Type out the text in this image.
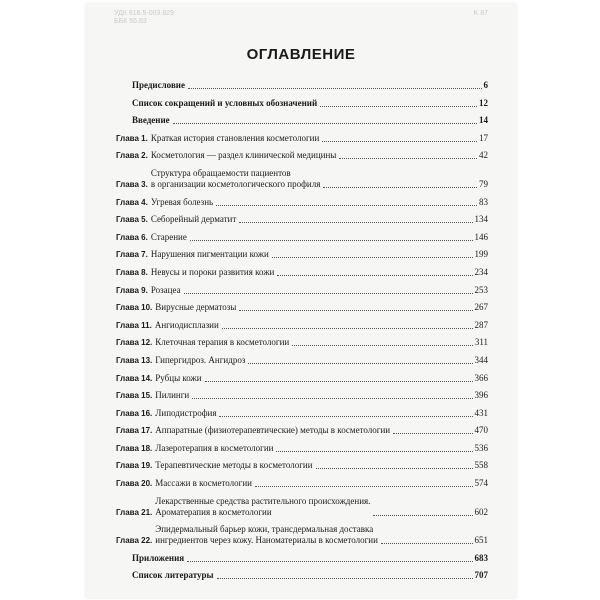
УДК 616.5-003.829
ББК 55.83
K 87
ОГЛАВЛЕНИЕ
Предисловие	6
Список сокращений и условных обозначений	12
Введение	14
Глава 1. Краткая история становления косметологии	17
Глава 2. Косметология — раздел клинической медицины	42
Глава 3.
Структура обращаемости пациентов
в организации косметологического профиля	79
Глава 4. Угревая болезнь	83
Глава 5. Себорейный дерматит	134
Глава 6. Старение	146
Глава 7. Нарушения пигментации кожи	199
Глава 8. Невусы и пороки развития кожи	234
Глава 9. Розацеа	253
Глава 10. Вирусные дерматозы	267
Глава 11. Ангиодисплазии	287
Глава 12. Клеточная терапия в косметологии	311
Глава 13. Гипергидроз. Ангидроз	344
Глава 14. Рубцы кожи	366
Глава 15. Пилинги	396
Глава 16. Липодистрофия	431
Глава 17. Аппаратные (физиотерапевтические) методы в косметологии	470
Глава 18. Лазеротерапия в косметологии	536
Глава 19. Терапевтические методы в косметологии	558
Глава 20. Массажи в косметологии	574
Глава 21.
Лекарственные средства растительного происхождения.
Ароматерапия в косметологии	602
Глава 22.
Эпидермальный барьер кожи, трансдермальная доставка
ингредиентов через кожу. Наноматериалы в косметологии	651
Приложения	683
Список литературы	707
